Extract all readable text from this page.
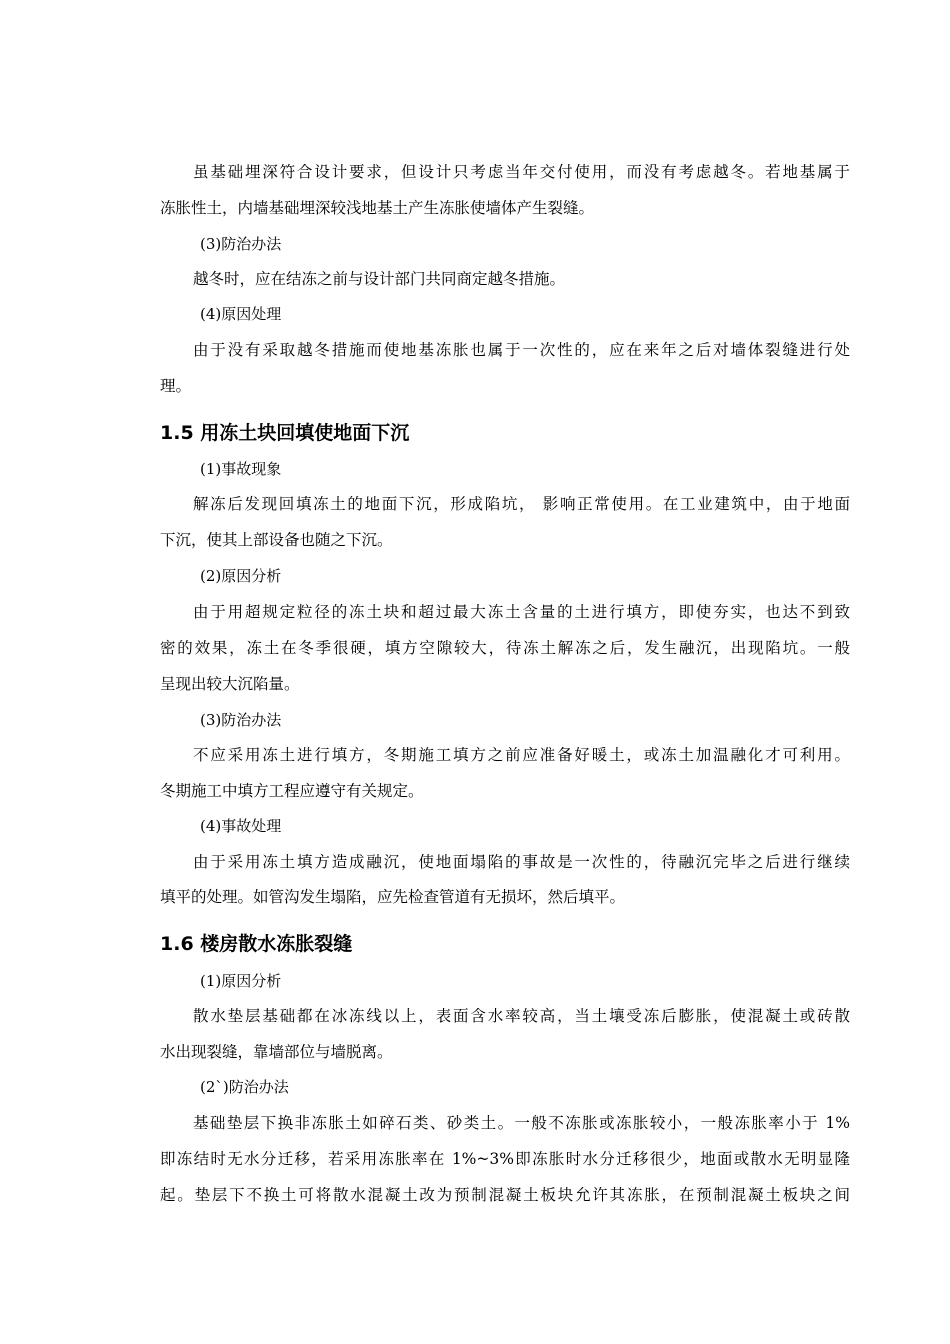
虽基础埋深符合设计要求，但设计只考虑当年交付使用，而没有考虑越冬。若地基属于
冻胀性土，内墙基础埋深较浅地基土产生冻胀使墙体产生裂缝。
(3)防治办法
越冬时，应在结冻之前与设计部门共同商定越冬措施。
(4)原因处理
由于没有采取越冬措施而使地基冻胀也属于一次性的，应在来年之后对墙体裂缝进行处
理。
1.5 用冻土块回填使地面下沉
(1)事故现象
解冻后发现回填冻土的地面下沉，形成陷坑， 影响正常使用。在工业建筑中，由于地面
下沉，使其上部设备也随之下沉。
(2)原因分析
由于用超规定粒径的冻土块和超过最大冻土含量的土进行填方，即使夯实，也达不到致
密的效果，冻土在冬季很硬，填方空隙较大，待冻土解冻之后，发生融沉，出现陷坑。一般
呈现出较大沉陷量。
(3)防治办法
不应采用冻土进行填方，冬期施工填方之前应准备好暖土，或冻土加温融化才可利用。
冬期施工中填方工程应遵守有关规定。
(4)事故处理
由于采用冻土填方造成融沉，使地面塌陷的事故是一次性的，待融沉完毕之后进行继续
填平的处理。如管沟发生塌陷，应先检查管道有无损坏，然后填平。
1.6 楼房散水冻胀裂缝
(1)原因分析
散水垫层基础都在冰冻线以上，表面含水率较高，当土壤受冻后膨胀，使混凝土或砖散
水出现裂缝，靠墙部位与墙脱离。
(2`)防治办法
基础垫层下换非冻胀土如碎石类、砂类土。一般不冻胀或冻胀较小，一般冻胀率小于 1%
即冻结时无水分迁移，若采用冻胀率在 1%~3%即冻胀时水分迁移很少，地面或散水无明显隆
起。垫层下不换土可将散水混凝土改为预制混凝土板块允许其冻胀，在预制混凝土板块之间
